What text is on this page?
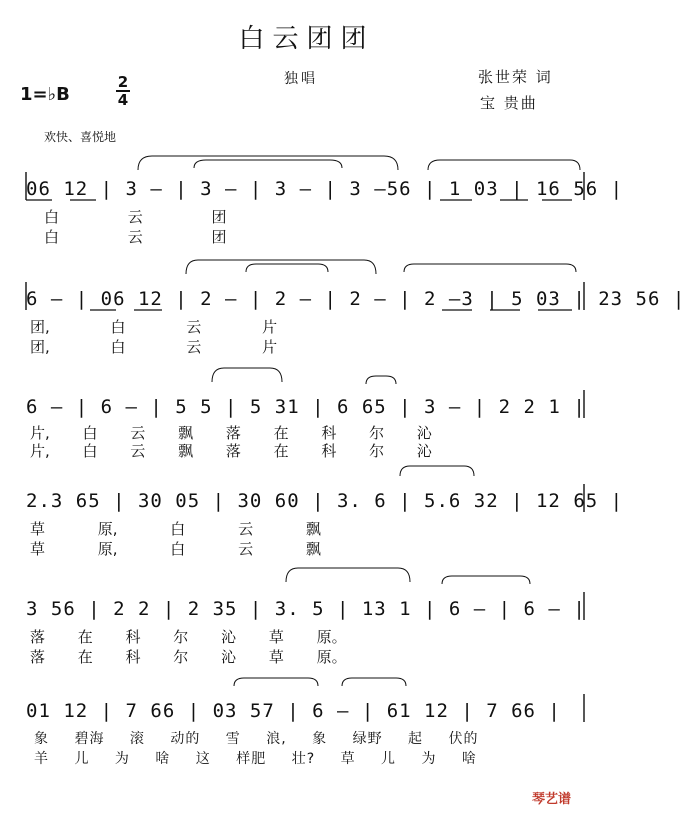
白云团团
1=♭B
2
4
独唱	张世荣 词
宝 贵曲
欢快、喜悦地
06 12 | 3 — | 3 — | 3 — | 3 —56 | 1 03 | 16 56 |
白 云 团
白 云 团
6 — | 06 12 | 2 — | 2 — | 2 — | 2 —3 | 5 03 | 23 56 |
团, 白 云 片
团, 白 云 片
6 — | 6 — | 5 5 | 5 31 | 6 65 | 3 — | 2 2 1 |
片, 白 云 飘 落 在 科 尔 沁
片, 白 云 飘 落 在 科 尔 沁
2.3 65 | 30 05 | 30 60 | 3. 6 | 5.6 32 | 12 65 |
草 原, 白 云 飘
草 原, 白 云 飘
3 56 | 2 2 | 2 35 | 3. 5 | 13 1 | 6 — | 6 — |
落 在 科 尔 沁 草 原。
落 在 科 尔 沁 草 原。
01 12 | 7 66 | 03 57 | 6 — | 61 12 | 7 66 |
象 碧海 滚 动的 雪 浪, 象 绿野 起 伏的
羊 儿 为 啥 这 样肥 壮? 草 儿 为 啥
琴艺谱
